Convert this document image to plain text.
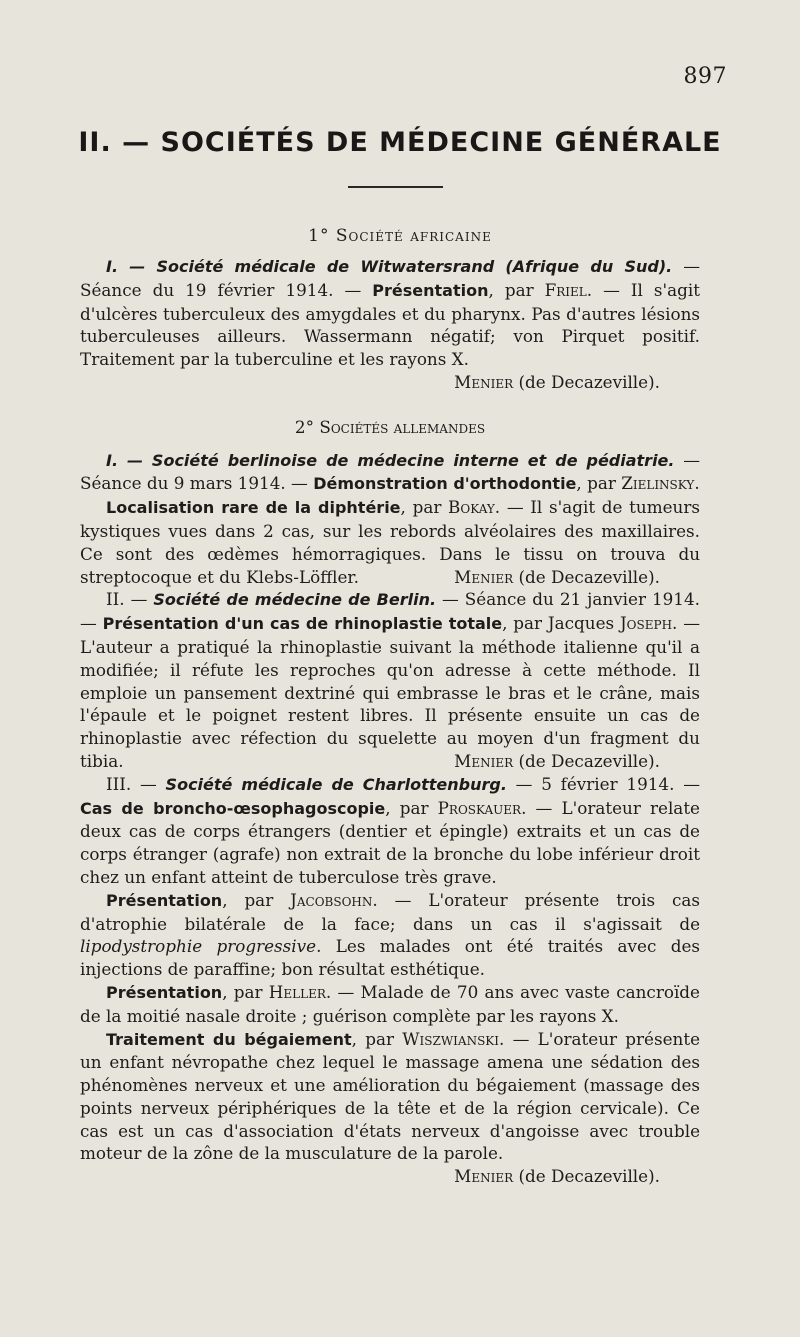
897
II. — SOCIÉTÉS DE MÉDECINE GÉNÉRALE
1° Société africaine

I. — Société médicale de Witwatersrand (Afrique du Sud). — Séance du 19 février 1914. — Présentation, par Friel. — Il s'agit d'ulcères tuberculeux des amygdales et du pharynx. Pas d'autres lésions tuberculeuses ailleurs. Wassermann négatif; von Pirquet positif. Traitement par la tuberculine et les rayons X.

Menier (de Decazeville).

2° Sociétés allemandes

I. — Société berlinoise de médecine interne et de pédiatrie. — Séance du 9 mars 1914. — Démonstration d'orthodontie, par Zielinsky.

Localisation rare de la diphtérie, par Bokay. — Il s'agit de tumeurs kystiques vues dans 2 cas, sur les rebords alvéolaires des maxillaires. Ce sont des œdèmes hémorragiques. Dans le tissu on trouva du streptocoque et du Klebs-Löffler.	Menier (de Decazeville).

II. — Société de médecine de Berlin. — Séance du 21 janvier 1914. — Présentation d'un cas de rhinoplastie totale, par Jacques Joseph. — L'auteur a pratiqué la rhinoplastie suivant la méthode italienne qu'il a modifiée; il réfute les reproches qu'on adresse à cette méthode. Il emploie un pansement dextriné qui embrasse le bras et le crâne, mais l'épaule et le poignet restent libres. Il présente ensuite un cas de rhinoplastie avec réfection du squelette au moyen d'un fragment du tibia.	Menier (de Decazeville).

III. — Société médicale de Charlottenburg. — 5 février 1914. — Cas de broncho-œsophagoscopie, par Proskauer. — L'orateur relate deux cas de corps étrangers (dentier et épingle) extraits et un cas de corps étranger (agrafe) non extrait de la bronche du lobe inférieur droit chez un enfant atteint de tuberculose très grave.

Présentation, par Jacobsohn. — L'orateur présente trois cas d'atrophie bilatérale de la face; dans un cas il s'agissait de lipodystrophie progressive. Les malades ont été traités avec des injections de paraffine; bon résultat esthétique.

Présentation, par Heller. — Malade de 70 ans avec vaste cancroïde de la moitié nasale droite ; guérison complète par les rayons X.

Traitement du bégaiement, par Wiszwianski. — L'orateur présente un enfant névropathe chez lequel le massage amena une sédation des phénomènes nerveux et une amélioration du bégaiement (massage des points nerveux périphériques de la tête et de la région cervicale). Ce cas est un cas d'association d'états nerveux d'angoisse avec trouble moteur de la zône de la musculature de la parole.

Menier (de Decazeville).
